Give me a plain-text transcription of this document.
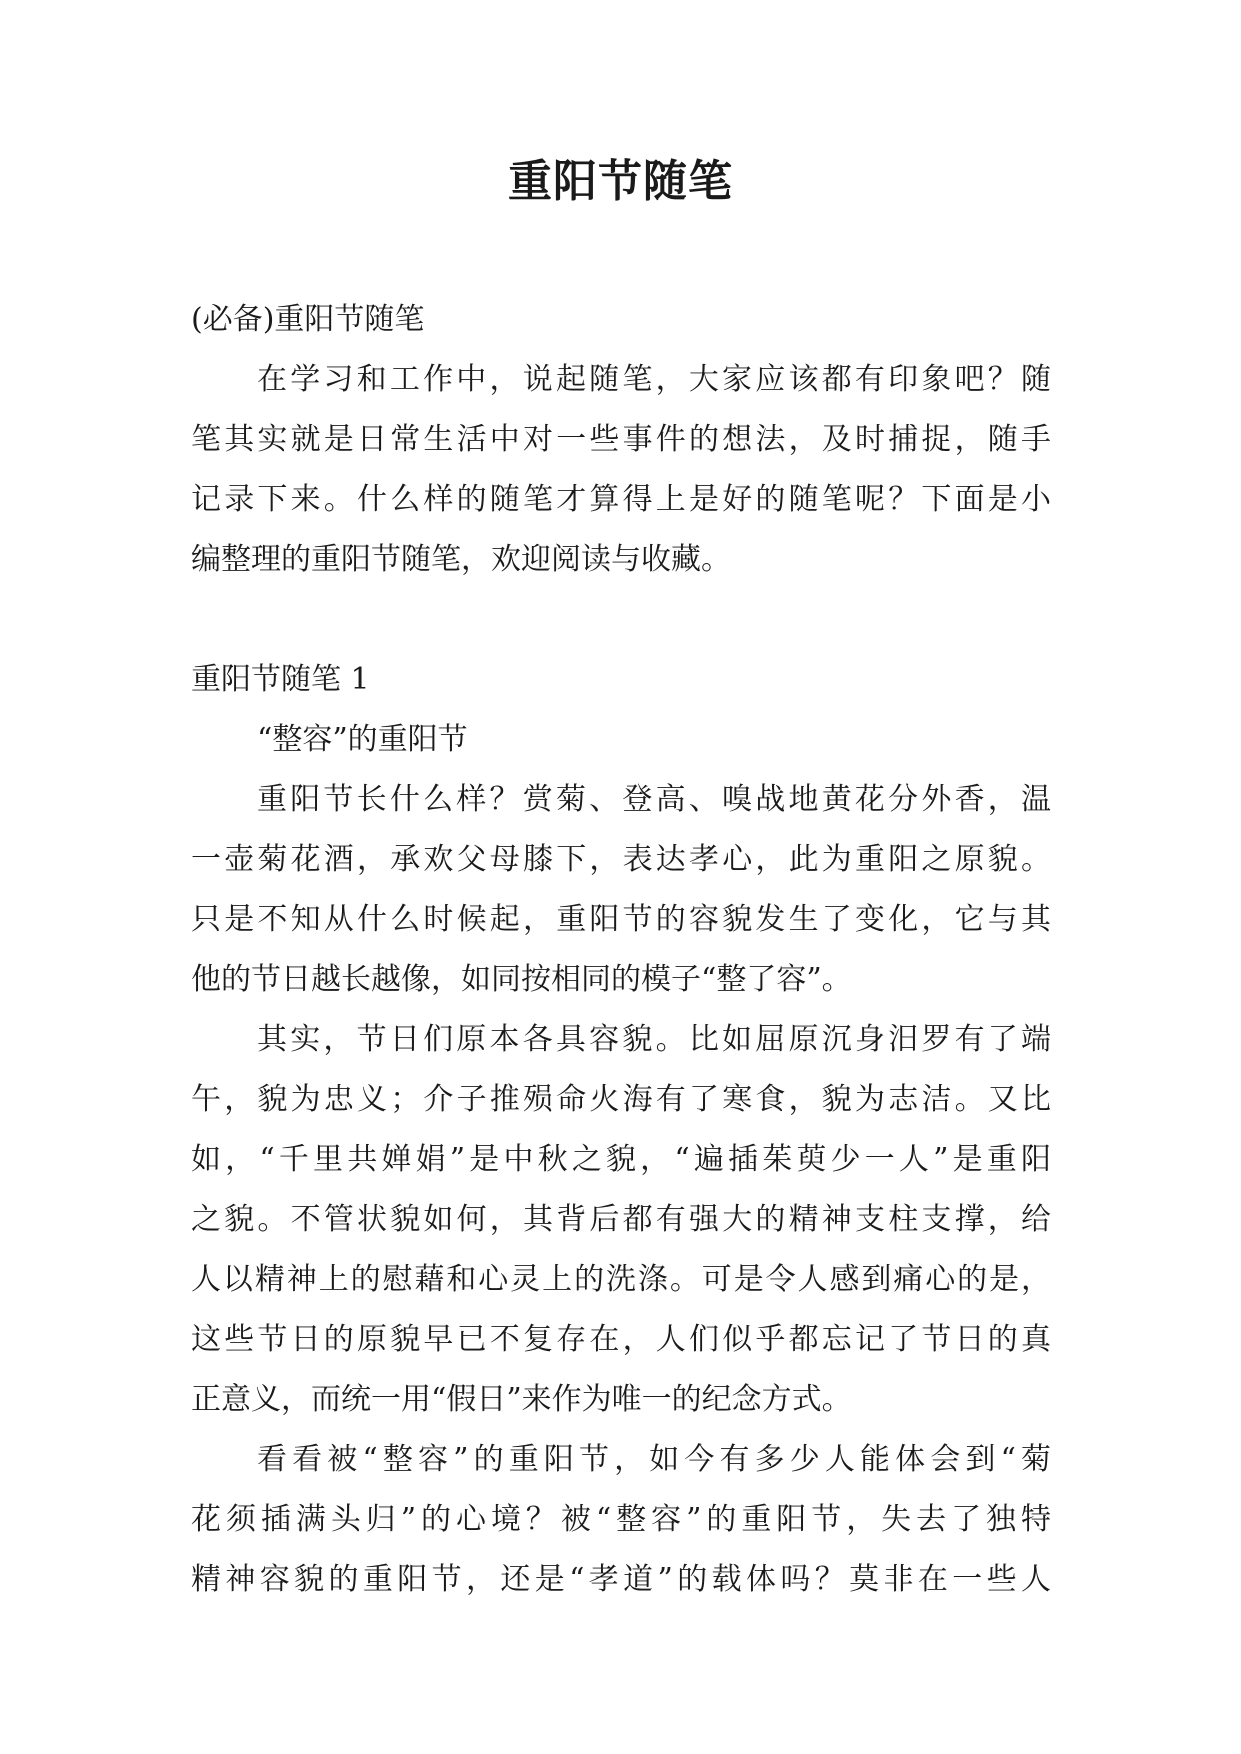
重阳节随笔

(必备)重阳节随笔

在学习和工作中，说起随笔，大家应该都有印象吧？随
笔其实就是日常生活中对一些事件的想法，及时捕捉，随手
记录下来。什么样的随笔才算得上是好的随笔呢？下面是小
编整理的重阳节随笔，欢迎阅读与收藏。

重阳节随笔 1

“整容”的重阳节

重阳节长什么样？赏菊、登高、嗅战地黄花分外香，温
一壶菊花酒，承欢父母膝下，表达孝心，此为重阳之原貌。
只是不知从什么时候起，重阳节的容貌发生了变化，它与其
他的节日越长越像，如同按相同的模子“整了容”。
其实，节日们原本各具容貌。比如屈原沉身汨罗有了端
午，貌为忠义；介子推殒命火海有了寒食，貌为志洁。又比
如，“千里共婵娟”是中秋之貌，“遍插茱萸少一人”是重阳
之貌。不管状貌如何，其背后都有强大的精神支柱支撑，给
人以精神上的慰藉和心灵上的洗涤。可是令人感到痛心的是，
这些节日的原貌早已不复存在，人们似乎都忘记了节日的真
正意义，而统一用“假日”来作为唯一的纪念方式。
看看被“整容”的重阳节，如今有多少人能体会到“菊
花须插满头归”的心境？被“整容”的重阳节，失去了独特
精神容貌的重阳节，还是“孝道”的载体吗？莫非在一些人
